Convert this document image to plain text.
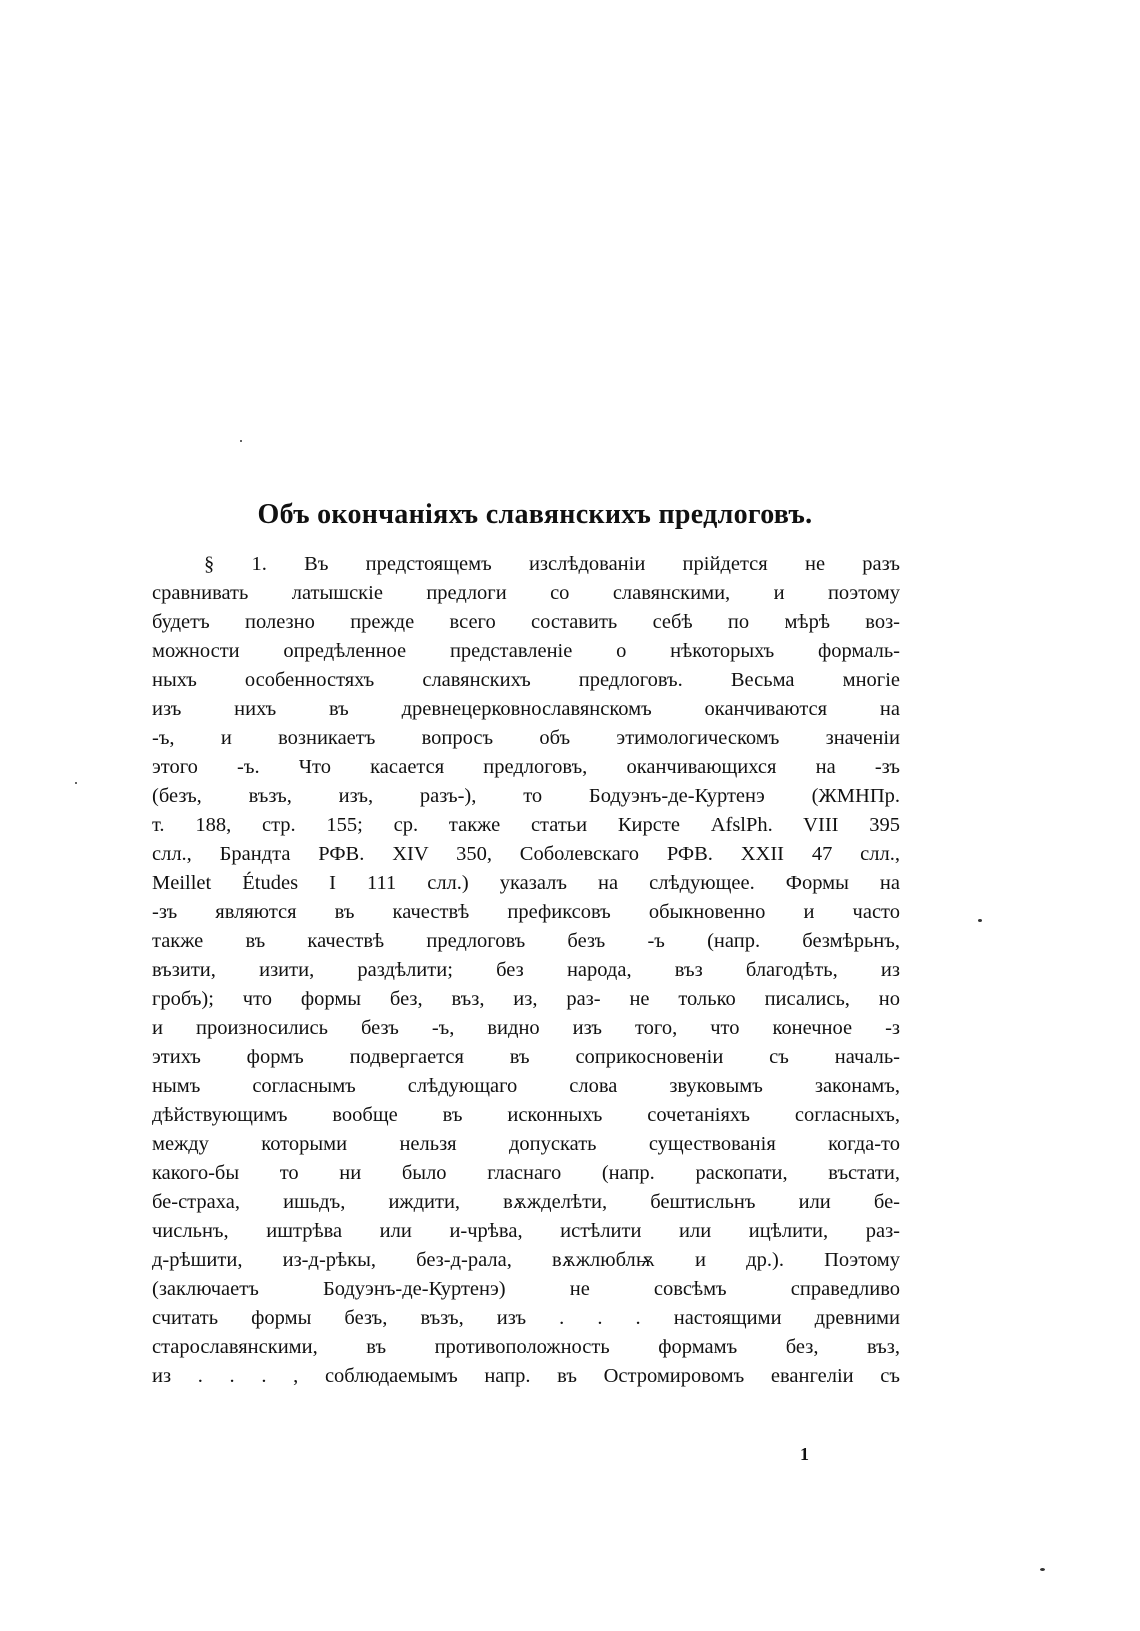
Объ окончаніяхъ славянскихъ предлоговъ.
§ 1. Въ предстоящемъ изслѣдованіи прійдется не разъ
сравнивать латышскіе предлоги со славянскими, и поэтому
будетъ полезно прежде всего составить себѣ по мѣрѣ воз-
можности опредѣленное представленіе о нѣкоторыхъ формаль-
ныхъ особенностяхъ славянскихъ предлоговъ. Весьма многіе
изъ нихъ въ древнецерковнославянскомъ оканчиваются на
-ъ, и возникаетъ вопросъ объ этимологическомъ значеніи
этого -ъ. Что касается предлоговъ, оканчивающихся на -зъ
(безъ, възъ, изъ, разъ-), то Бодуэнъ-де-Куртенэ (ЖМНПр.
т. 188, стр. 155; ср. также статьи Кирсте AfslPh. VIII 395
слл., Брандта РФВ. XIV 350, Соболевскаго РФВ. XXII 47 слл.,
Meillet Études I 111 слл.) указалъ на слѣдующее. Формы на
-зъ являются въ качествѣ префиксовъ обыкновенно и часто
также въ качествѣ предлоговъ безъ -ъ (напр. безмѣрьнъ,
възити, изити, раздѣлити; без народа, въз благодѣть, из
гробъ); что формы без, въз, из, раз- не только писались, но
и произносились безъ -ъ, видно изъ того, что конечное -з
этихъ формъ подвергается въ соприкосновеніи съ началь-
нымъ согласнымъ слѣдующаго слова звуковымъ законамъ,
дѣйствующимъ вообще въ исконныхъ сочетаніяхъ согласныхъ,
между которыми нельзя допускать существованія когда-то
какого-бы то ни было гласнаго (напр. раскопати, въстати,
бе-страха, ишьдъ, иждити, вѫжделѣти, бештисльнъ или бе-
числьнъ, иштрѣва или и-чрѣва, истѣлити или ицѣлити, раз-
д-рѣшити, из-д-рѣкы, без-д-рала, вѫжлюблѭ и др.). Поэтому
(заключаетъ Бодуэнъ-де-Куртенэ) не совсѣмъ справедливо
считать формы безъ, възъ, изъ . . . настоящими древними
старославянскими, въ противоположность формамъ без, въз,
из . . . , соблюдаемымъ напр. въ Остромировомъ евангеліи съ
1
